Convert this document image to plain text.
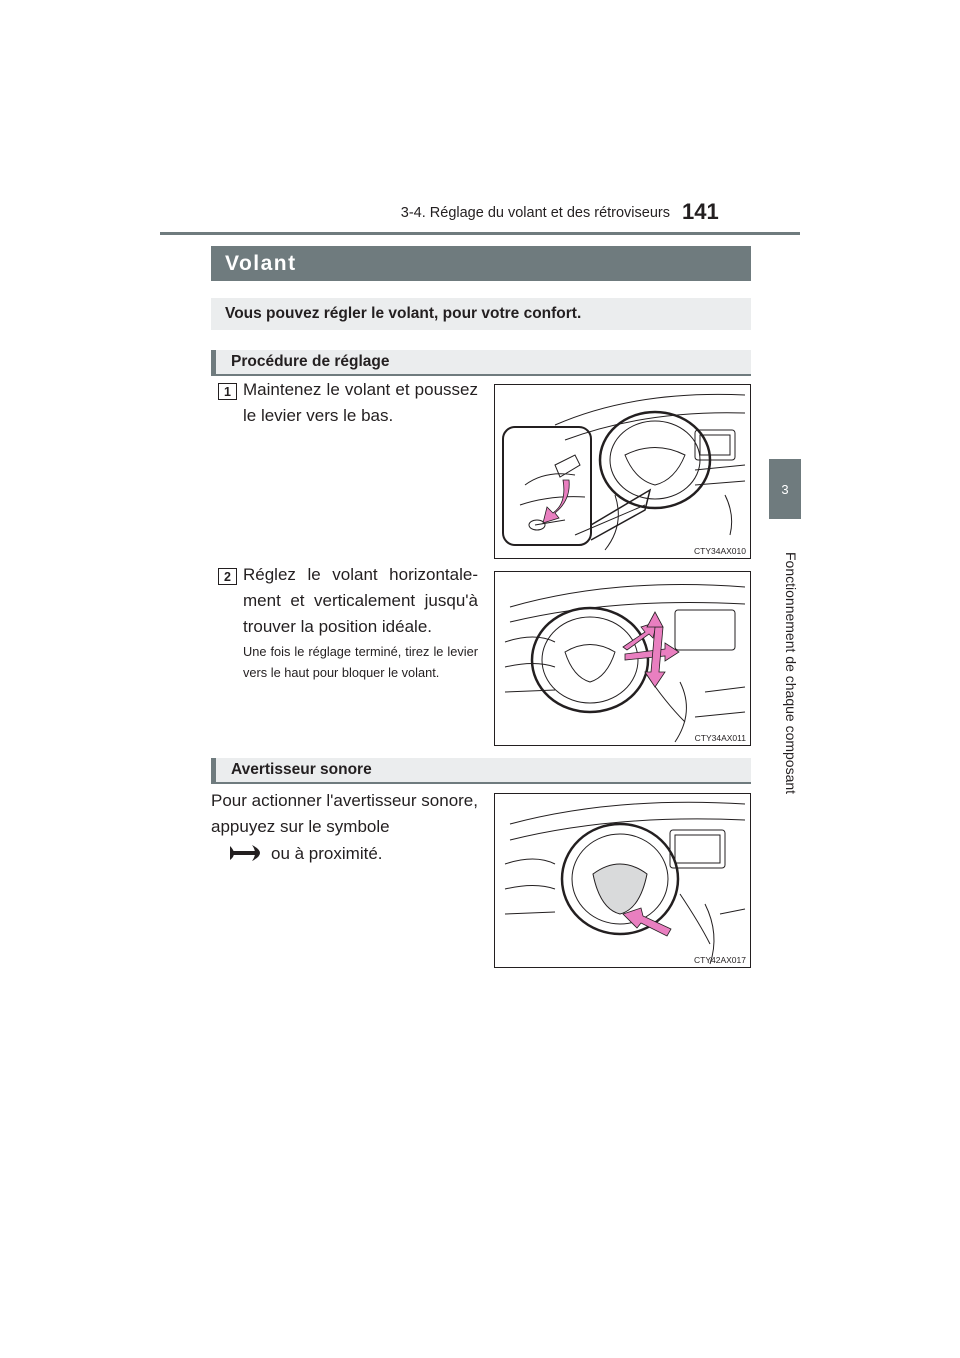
3-4. Réglage du volant et des rétroviseurs 141
3
Fonctionnement de chaque composant
Volant
Vous pouvez régler le volant, pour votre confort.
Procédure de réglage
1 Maintenez le volant et poussez le levier vers le bas.
CTY34AX010
2 Réglez le volant horizontale-ment et verticalement jusqu'à trouver la position idéale.
Une fois le réglage terminé, tirez le levier vers le haut pour bloquer le volant.
CTY34AX011
Avertisseur sonore
Pour actionner l'avertisseur sonore, appuyez sur le symbole
ou à proximité.
CTY42AX017
